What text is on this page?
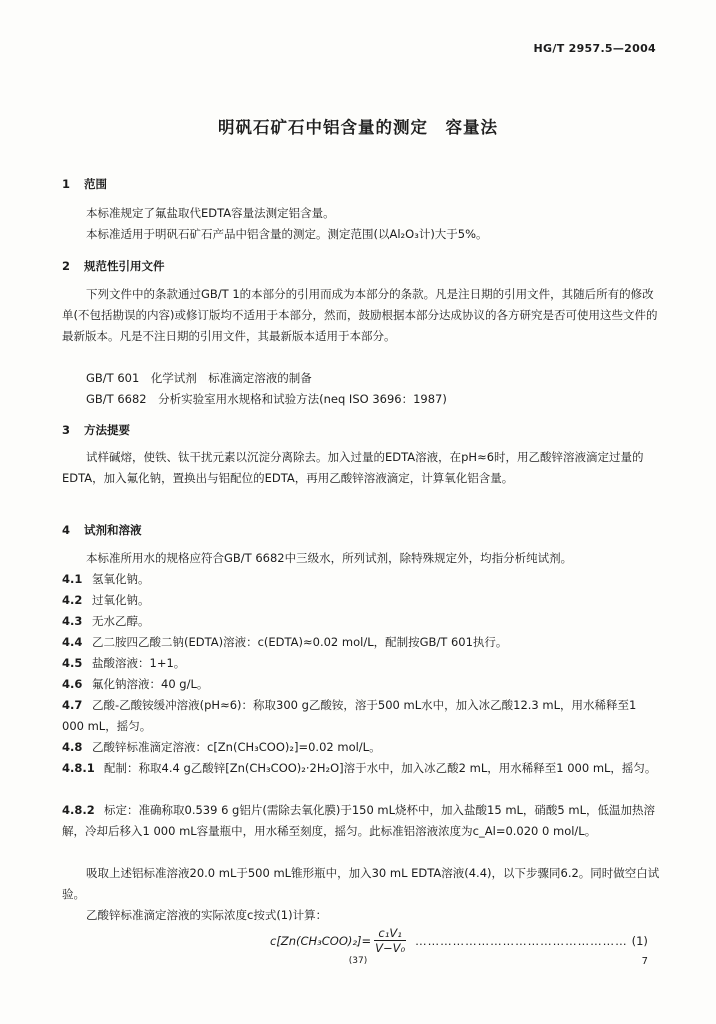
HG/T 2957.5—2004
明矾石矿石中铝含量的测定　容量法
1 范围
本标准规定了氟盐取代EDTA容量法测定铝含量。
本标准适用于明矾石矿石产品中铝含量的测定。测定范围(以Al₂O₃计)大于5%。
2 规范性引用文件
下列文件中的条款通过GB/T 1的本部分的引用而成为本部分的条款。凡是注日期的引用文件，其随后所有的修改单(不包括勘误的内容)或修订版均不适用于本部分，然而，鼓励根据本部分达成协议的各方研究是否可使用这些文件的最新版本。凡是不注日期的引用文件，其最新版本适用于本部分。
GB/T 601　化学试剂　标准滴定溶液的制备
GB/T 6682　分析实验室用水规格和试验方法(neq ISO 3696：1987)
3 方法提要
试样碱熔，使铁、钛干扰元素以沉淀分离除去。加入过量的EDTA溶液，在pH≈6时，用乙酸锌溶液滴定过量的EDTA，加入氟化钠，置换出与铝配位的EDTA，再用乙酸锌溶液滴定，计算氧化铝含量。
4 试剂和溶液
本标准所用水的规格应符合GB/T 6682中三级水，所列试剂，除特殊规定外，均指分析纯试剂。
4.1 氢氧化钠。
4.2 过氧化钠。
4.3 无水乙醇。
4.4 乙二胺四乙酸二钠(EDTA)溶液：c(EDTA)≈0.02 mol/L，配制按GB/T 601执行。
4.5 盐酸溶液：1+1。
4.6 氟化钠溶液：40 g/L。
4.7 乙酸-乙酸铵缓冲溶液(pH≈6)：称取300 g乙酸铵，溶于500 mL水中，加入冰乙酸12.3 mL，用水稀释至1 000 mL，摇匀。
4.8 乙酸锌标准滴定溶液：c[Zn(CH₃COO)₂]=0.02 mol/L。
4.8.1 配制：称取4.4 g乙酸锌[Zn(CH₃COO)₂·2H₂O]溶于水中，加入冰乙酸2 mL，用水稀释至1 000 mL，摇匀。
4.8.2 标定：准确称取0.539 6 g铝片(需除去氧化膜)于150 mL烧杯中，加入盐酸15 mL，硝酸5 mL，低温加热溶解，冷却后移入1 000 mL容量瓶中，用水稀至刻度，摇匀。此标准铝溶液浓度为c_Al=0.020 0 mol/L。
吸取上述铝标准溶液20.0 mL于500 mL锥形瓶中，加入30 mL EDTA溶液(4.4)，以下步骤同6.2。同时做空白试验。
乙酸锌标准滴定溶液的实际浓度c按式(1)计算：
$c[Zn(CH_3COO)_2]= \frac{\text{c₁V₁}}{\text{V−V₀}}$ …………………………………………… (1)
(37)	7
